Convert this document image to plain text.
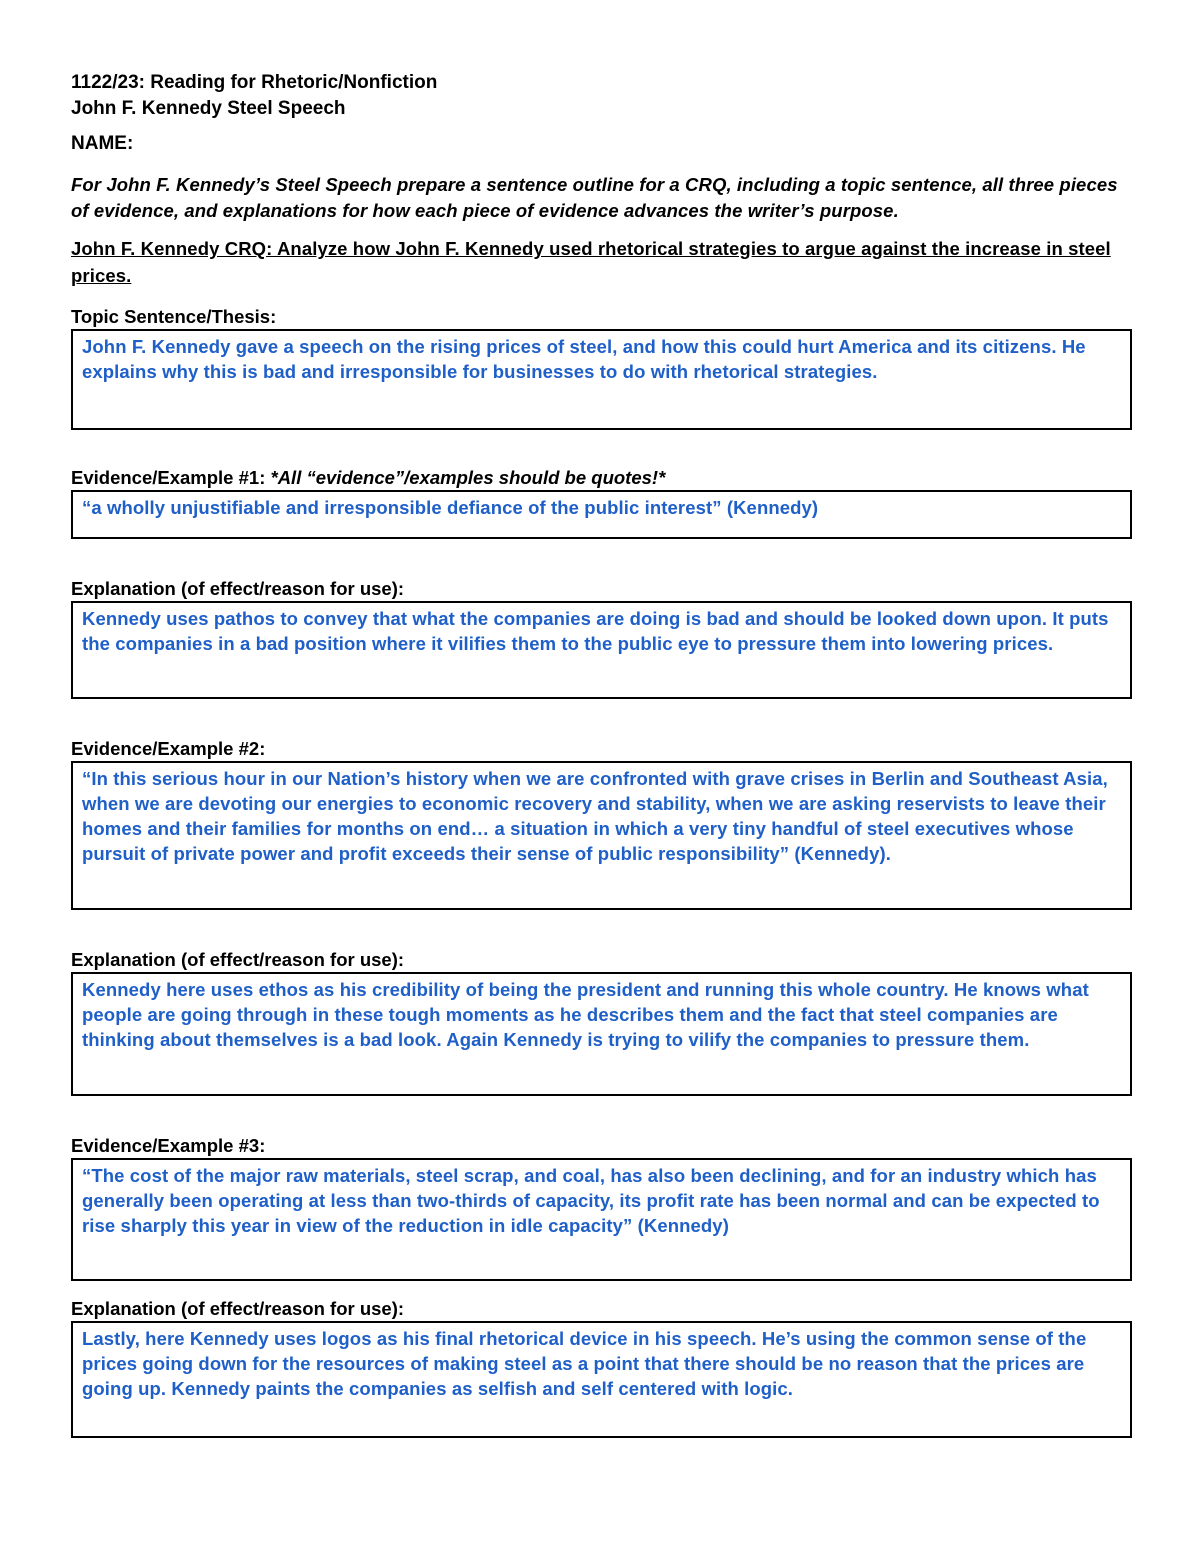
1122/23: Reading for Rhetoric/Nonfiction
John F. Kennedy Steel Speech
NAME:
For John F. Kennedy’s Steel Speech prepare a sentence outline for a CRQ, including a topic sentence, all three pieces of evidence, and explanations for how each piece of evidence advances the writer’s purpose.
John F. Kennedy CRQ: Analyze how John F. Kennedy used rhetorical strategies to argue against the increase in steel prices.
Topic Sentence/Thesis:
John F. Kennedy gave a speech on the rising prices of steel, and how this could hurt America and its citizens. He explains why this is bad and irresponsible for businesses to do with rhetorical strategies.
Evidence/Example #1: *All “evidence”/examples should be quotes!*
“a wholly unjustifiable and irresponsible defiance of the public interest” (Kennedy)
Explanation (of effect/reason for use):
Kennedy uses pathos to convey that what the companies are doing is bad and should be looked down upon. It puts the companies in a bad position where it vilifies them to the public eye to pressure them into lowering prices.
Evidence/Example #2:
“In this serious hour in our Nation’s history when we are confronted with grave crises in Berlin and Southeast Asia, when we are devoting our energies to economic recovery and stability, when we are asking reservists to leave their homes and their families for months on end… a situation in which a very tiny handful of steel executives whose pursuit of private power and profit exceeds their sense of public responsibility” (Kennedy).
Explanation (of effect/reason for use):
Kennedy here uses ethos as his credibility of being the president and running this whole country. He knows what people are going through in these tough moments as he describes them and the fact that steel companies are thinking about themselves is a bad look. Again Kennedy is trying to vilify the companies to pressure them.
Evidence/Example #3:
“The cost of the major raw materials, steel scrap, and coal, has also been declining, and for an industry which has generally been operating at less than two-thirds of capacity, its profit rate has been normal and can be expected to rise sharply this year in view of the reduction in idle capacity” (Kennedy)
Explanation (of effect/reason for use):
Lastly, here Kennedy uses logos as his final rhetorical device in his speech. He’s using the common sense of the prices going down for the resources of making steel as a point that there should be no reason that the prices are going up. Kennedy paints the companies as selfish and self centered with logic.
